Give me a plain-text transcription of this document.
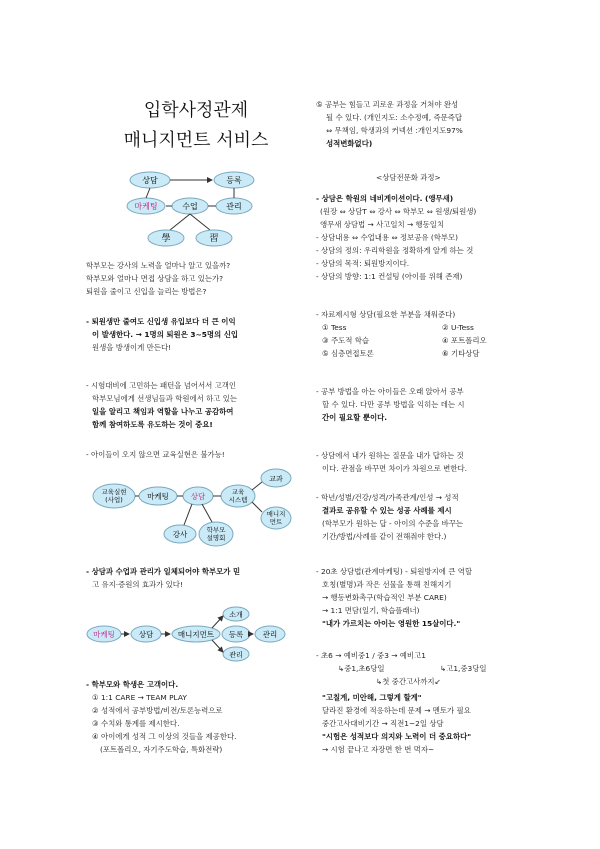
입학사정관제
매니지먼트 서비스
상담	등록
마케팅	수업	관리
學	習
학부모는 강사의 노력을 얼마나 알고 있을까?
학부모와 얼마나 면접 상담을 하고 있는가?
퇴원을 줄이고 신입을 늘리는 방법은?
- 퇴원생만 줄여도 신입생 유입보다 더 큰 이익
이 발생한다. → 1명의 퇴원은 3~5명의 신입
원생을 방생이게 만든다!
- 시험대비에 고민하는 패턴을 넘어서서 고객인
학부모님에게 선생님들과 학원에서 하고 있는
일을 알리고 책임과 역할을 나누고 공감하여
함께 참여하도록 유도하는 것이 중요!
- 아이들이 오지 않으면 교육실현은 불가능!
교육실현
(사업)	마케팅	상담	교육
시스템
교과
매니지
먼트
강사	학부모
설명회
- 상담과 수업과 관리가 일체되어야 학부모가 믿
고 유지·증원의 효과가 있다!
마케팅	상담	매니지먼트 등록	관리
소개
관리
- 학부모와 학생은 고객이다.
① 1:1 CARE → TEAM PLAY
② 성적에서 공부방법/비전/토론능력으로
③ 수치와 통계를 제시한다.
④ 아이에게 성적 그 이상의 것들을 제공한다.
(포트폴리오, 자기주도학습, 특화전략)
⑤ 공부는 힘들고 괴로운 과정을 거쳐야 완성
될 수 있다. (개인지도: 소수정예, 즉문즉답
⇔ 무책임, 학생과의 커넥션 :개인지도97%
성적변화없다)
<상담전문화 과정>
- 상담은 학원의 네비게이션이다. (앵무새)
(원장 ⇔ 상담T ⇔ 강사 ⇔ 학부모 ⇔ 원생/퇴원생)
앵무새 상담법 → 사고일치 → 행동일치
- 상담내용 ⇔ 수업내용 ⇔ 정보공유 (학부모)
- 상담의 정의: 우리학원을 정확하게 알게 하는 것
- 상담의 목적: 퇴원방지이다.
- 상담의 방향: 1:1 컨설팅 (아이를 위해 존재)
- 자료제시형 상담(필요한 부분을 채워준다)
① Tess	② U-Tess
③ 주도적 학습	④ 포트폴리오
⑤ 심층면접토론	⑥ 기타상담
- 공부 방법을 아는 아이들은 오래 앉아서 공부
할 수 있다. 다만 공부 방법을 익히는 데는 시
간이 필요할 뿐이다.
- 상담에서 내가 원하는 질문을 내가 답하는 것
이다. 관점을 바꾸면 차이가 차원으로 변한다.
- 학년/성별/건강/성격/가족관계/인성 → 성적
결과로 공유할 수 있는 성공 사례를 제시
(학부모가 원하는 답 - 아이의 수준을 바꾸는
기간/방법/사례를 같이 전해줘야 한다.)
- 20초 상담법(관계마케팅) - 퇴원방지에 큰 역할
호칭(별명)과 작은 선물을 통해 친해지기
→ 행동변화촉구(학습적인 부분 CARE)
→ 1:1 면담(일기, 학습플래너)
"내가 가르치는 아이는 영원한 15살이다."
- 초6 → 예비중1 / 중3 → 예비고1
↳중1,초6당일	↳고1,중3당일
↳첫 중간고사까지↙
"고칠게, 미안해, 그렇게 할게"
달라진 환경에 적응하는데 문제 → 멘토가 필요
중간고사대비기간 → 직전1~2일 상담
"시험은 성적보다 의지와 노력이 더 중요하다"
→ 시험 끝나고 자장면 한 번 먹자~
